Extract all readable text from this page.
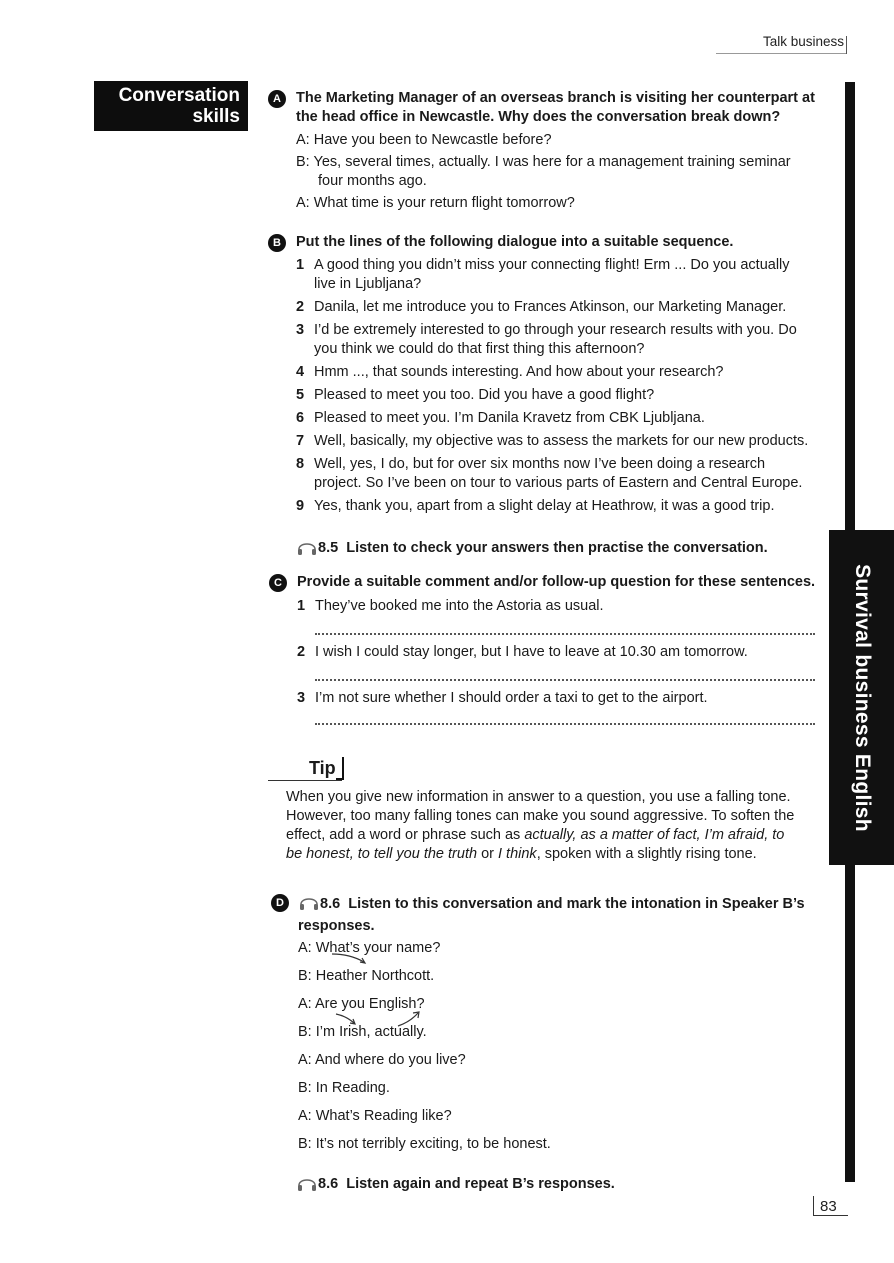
Talk business
Conversation
skills
Survival business English
A	The Marketing Manager of an overseas branch is visiting her counterpart at the head office in Newcastle. Why does the conversation break down?
A: Have you been to Newcastle before?
B: Yes, several times, actually. I was here for a management training seminar
four months ago.
A: What time is your return flight tomorrow?
B	Put the lines of the following dialogue into a suitable sequence.
1 A good thing you didn’t miss your connecting flight! Erm ... Do you actually
live in Ljubljana?
2 Danila, let me introduce you to Frances Atkinson, our Marketing Manager.
3 I’d be extremely interested to go through your research results with you. Do
you think we could do that first thing this afternoon?
4 Hmm ..., that sounds interesting. And how about your research?
5 Pleased to meet you too. Did you have a good flight?
6 Pleased to meet you. I’m Danila Kravetz from CBK Ljubljana.
7 Well, basically, my objective was to assess the markets for our new products.
8 Well, yes, I do, but for over six months now I’ve been doing a research
project. So I’ve been on tour to various parts of Eastern and Central Europe.
9 Yes, thank you, apart from a slight delay at Heathrow, it was a good trip.
8.5 Listen to check your answers then practise the conversation.
C	Provide a suitable comment and/or follow-up question for these sentences.
1 They’ve booked me into the Astoria as usual.
2 I wish I could stay longer, but I have to leave at 10.30 am tomorrow.
3 I’m not sure whether I should order a taxi to get to the airport.
Tip
When you give new information in answer to a question, you use a falling tone.
However, too many falling tones can make you sound aggressive. To soften the
effect, add a word or phrase such as actually, as a matter of fact, I’m afraid, to
be honest, to tell you the truth or I think, spoken with a slightly rising tone.
D	8.6 Listen to this conversation and mark the intonation in Speaker B’s
responses.
A: What’s your name?
B: Heather Northcott.
A: Are you English?
B: I’m Irish, actually.
A: And where do you live?
B: In Reading.
A: What’s Reading like?
B: It’s not terribly exciting, to be honest.
8.6 Listen again and repeat B’s responses.
83
